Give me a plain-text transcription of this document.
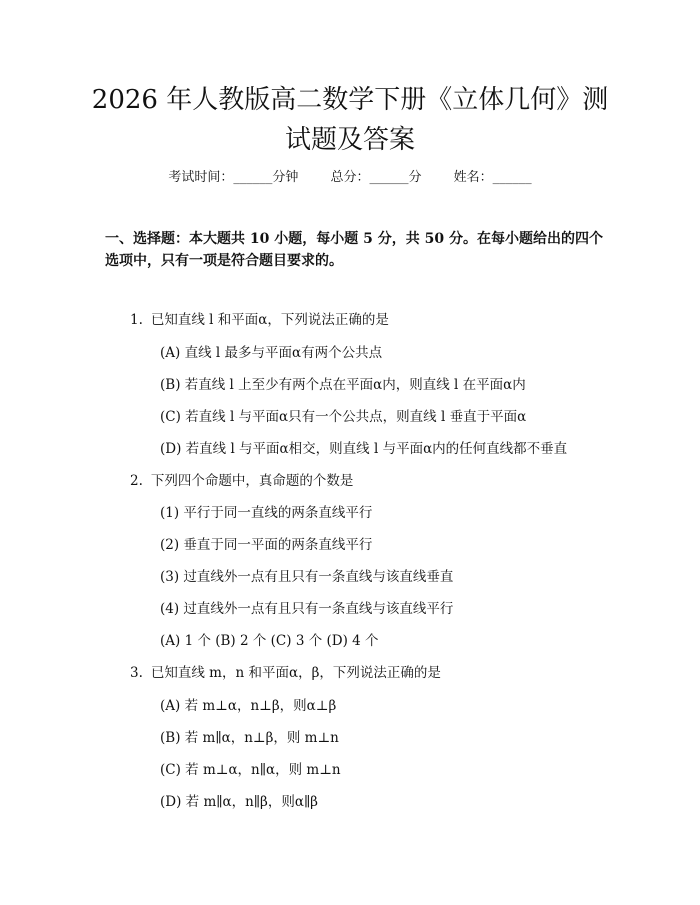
2026 年人教版高二数学下册《立体几何》测
试题及答案
考试时间：______分钟 总分：______分 姓名：______

一、选择题：本大题共 10 小题，每小题 5 分，共 50 分。在每小题给出的四个选项中，只有一项是符合题目要求的。

1. 已知直线 l 和平面α，下列说法正确的是
(A) 直线 l 最多与平面α有两个公共点
(B) 若直线 l 上至少有两个点在平面α内，则直线 l 在平面α内
(C) 若直线 l 与平面α只有一个公共点，则直线 l 垂直于平面α
(D) 若直线 l 与平面α相交，则直线 l 与平面α内的任何直线都不垂直
2. 下列四个命题中，真命题的个数是
(1) 平行于同一直线的两条直线平行
(2) 垂直于同一平面的两条直线平行
(3) 过直线外一点有且只有一条直线与该直线垂直
(4) 过直线外一点有且只有一条直线与该直线平行
(A) 1 个 (B) 2 个 (C) 3 个 (D) 4 个
3. 已知直线 m，n 和平面α，β，下列说法正确的是
(A) 若 m⊥α，n⊥β，则α⊥β
(B) 若 m∥α，n⊥β，则 m⊥n
(C) 若 m⊥α，n∥α，则 m⊥n
(D) 若 m∥α，n∥β，则α∥β
